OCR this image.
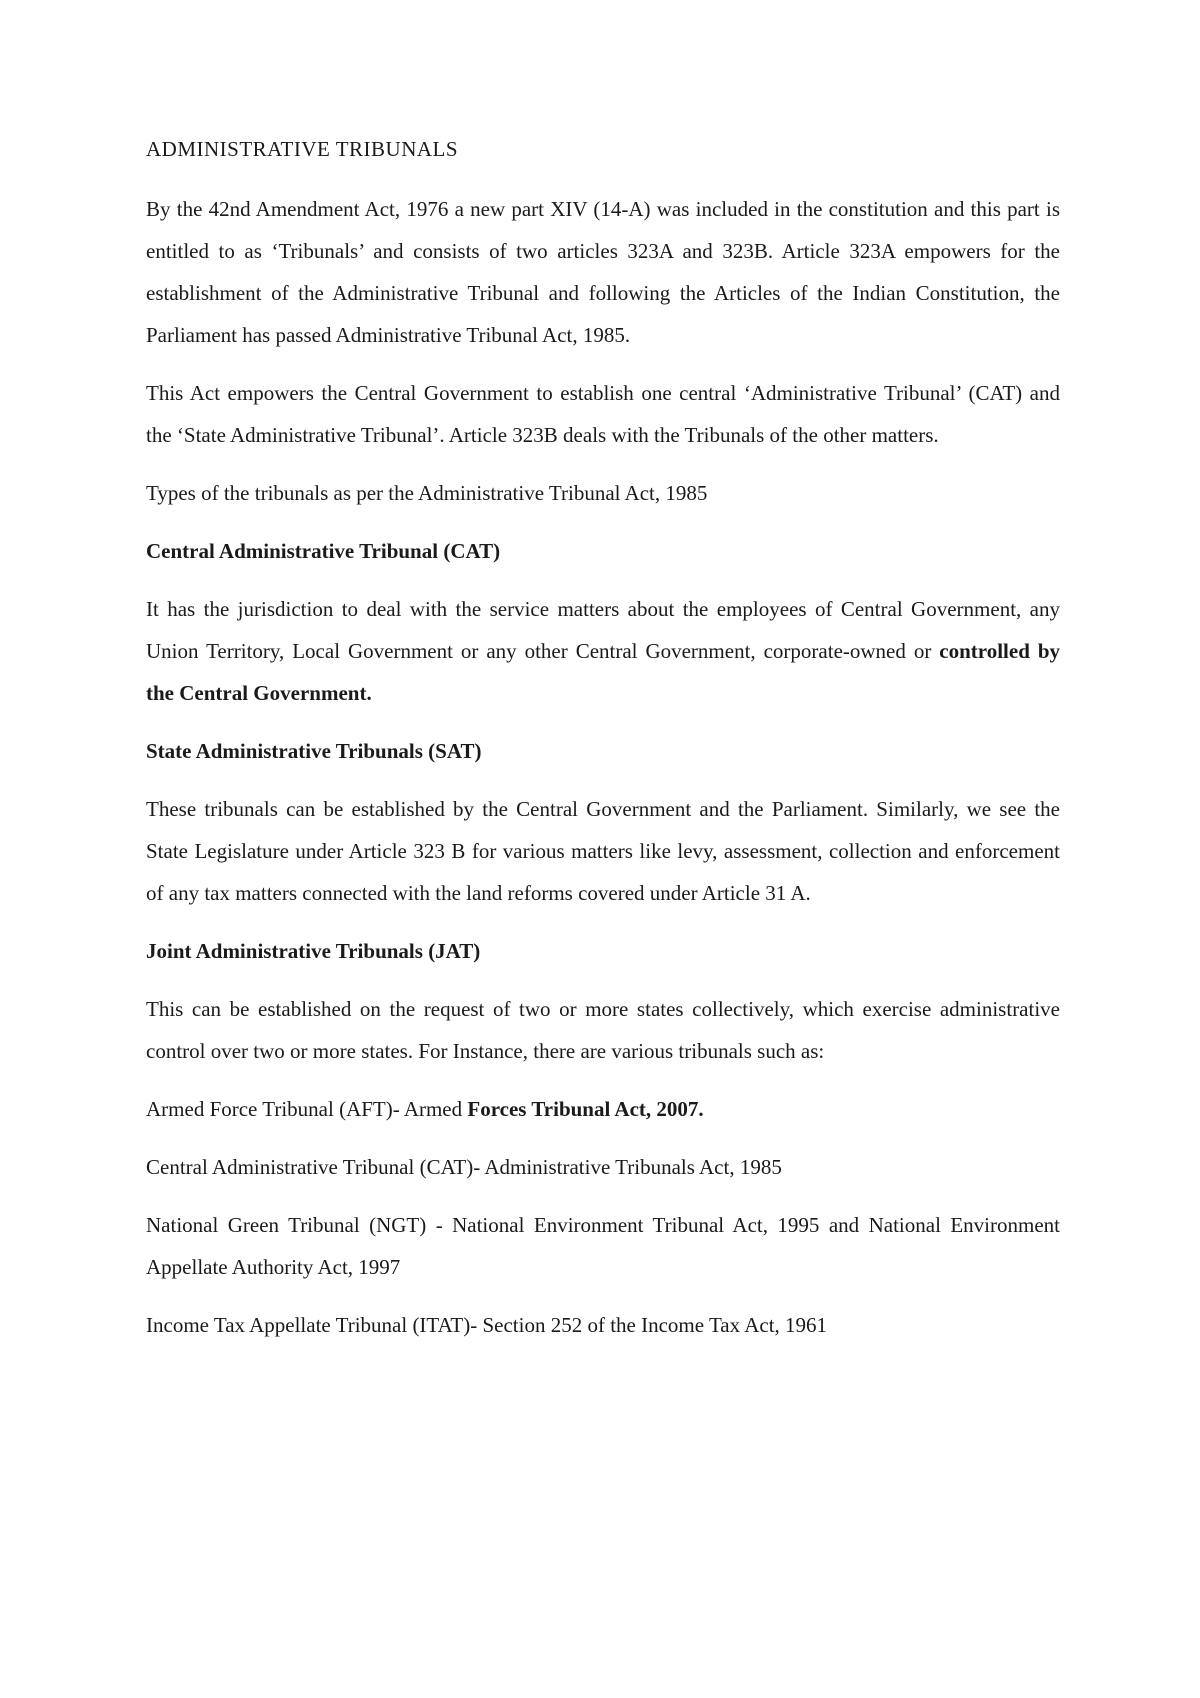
ADMINISTRATIVE TRIBUNALS

By the 42nd Amendment Act, 1976 a new part XIV (14-A) was included in the constitution and this part is entitled to as ‘Tribunals’ and consists of two articles 323A and 323B. Article 323A empowers for the establishment of the Administrative Tribunal and following the Articles of the Indian Constitution, the Parliament has passed Administrative Tribunal Act, 1985.

This Act empowers the Central Government to establish one central ‘Administrative Tribunal’ (CAT) and the ‘State Administrative Tribunal’. Article 323B deals with the Tribunals of the other matters.

Types of the tribunals as per the Administrative Tribunal Act, 1985

Central Administrative Tribunal (CAT)

It has the jurisdiction to deal with the service matters about the employees of Central Government, any Union Territory, Local Government or any other Central Government, corporate-owned or controlled by the Central Government.

State Administrative Tribunals (SAT)

These tribunals can be established by the Central Government and the Parliament. Similarly, we see the State Legislature under Article 323 B for various matters like levy, assessment, collection and enforcement of any tax matters connected with the land reforms covered under Article 31 A.

Joint Administrative Tribunals (JAT)

This can be established on the request of two or more states collectively, which exercise administrative control over two or more states. For Instance, there are various tribunals such as:

Armed Force Tribunal (AFT)- Armed Forces Tribunal Act, 2007.

Central Administrative Tribunal (CAT)- Administrative Tribunals Act, 1985

National Green Tribunal (NGT) - National Environment Tribunal Act, 1995 and National Environment Appellate Authority Act, 1997

Income Tax Appellate Tribunal (ITAT)- Section 252 of the Income Tax Act, 1961
